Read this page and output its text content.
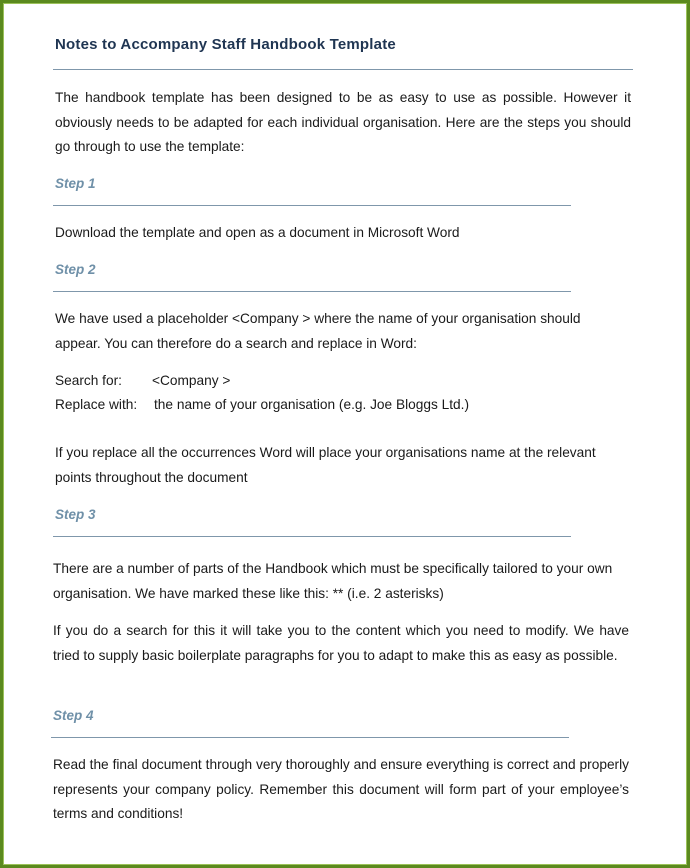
Notes to Accompany Staff Handbook Template

The handbook template has been designed to be as easy to use as possible. However it obviously needs to be adapted for each individual organisation. Here are the steps you should go through to use the template:

Step 1

Download the template and open as a document in Microsoft Word

Step 2

We have used a placeholder <Company > where the name of your organisation should appear. You can therefore do a search and replace in Word:

Search for: <Company >
Replace with: the name of your organisation (e.g. Joe Bloggs Ltd.)

If you replace all the occurrences Word will place your organisations name at the relevant points throughout the document

Step 3

There are a number of parts of the Handbook which must be specifically tailored to your own organisation. We have marked these like this: ** (i.e. 2 asterisks)

If you do a search for this it will take you to the content which you need to modify. We have tried to supply basic boilerplate paragraphs for you to adapt to make this as easy as possible.

Step 4

Read the final document through very thoroughly and ensure everything is correct and properly represents your company policy. Remember this document will form part of your employee’s terms and conditions!
